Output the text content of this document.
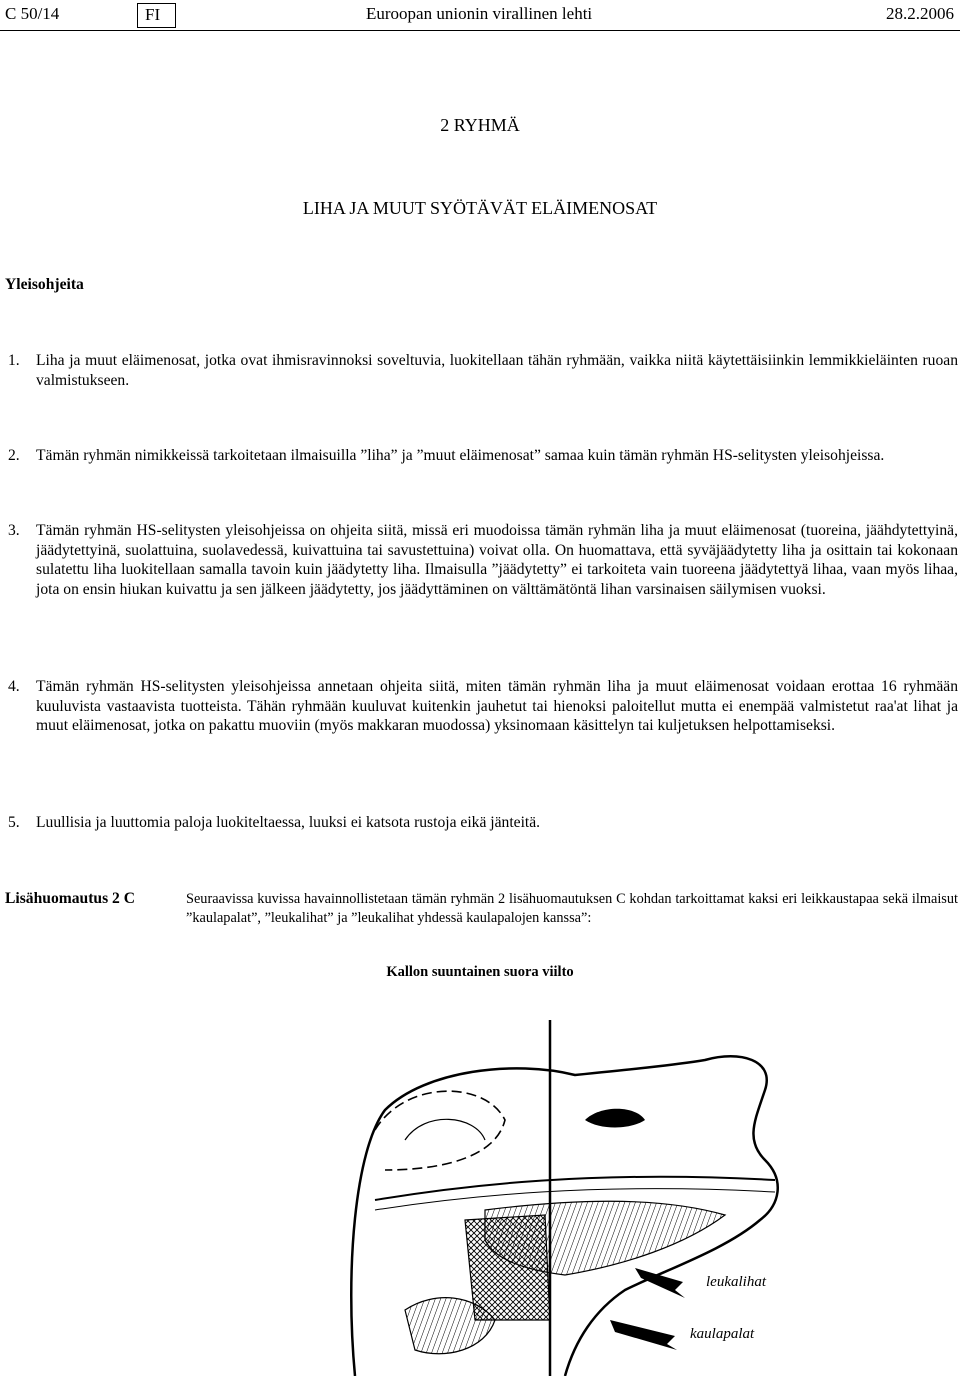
C 50/14	FI	Euroopan unionin virallinen lehti	28.2.2006
2 RYHMÄ
LIHA JA MUUT SYÖTÄVÄT ELÄIMENOSAT
Yleisohjeita
1. Liha ja muut eläimenosat, jotka ovat ihmisravinnoksi soveltuvia, luokitellaan tähän ryhmään, vaikka niitä käytettäisiinkin lemmikkieläinten ruoan valmistukseen.
2. Tämän ryhmän nimikkeissä tarkoitetaan ilmaisuilla ”liha” ja ”muut eläimenosat” samaa kuin tämän ryhmän HS-selitysten yleisohjeissa.
3. Tämän ryhmän HS-selitysten yleisohjeissa on ohjeita siitä, missä eri muodoissa tämän ryhmän liha ja muut eläimenosat (tuoreina, jäähdytettyinä, jäädytettyinä, suolattuina, suolavedessä, kuivattuina tai savustettuina) voivat olla. On huomattava, että syväjäädytetty liha ja osittain tai kokonaan sulatettu liha luokitellaan samalla tavoin kuin jäädytetty liha. Ilmaisulla ”jäädytetty” ei tarkoiteta vain tuoreena jäädytettyä lihaa, vaan myös lihaa, jota on ensin hiukan kuivattu ja sen jälkeen jäädytetty, jos jäädyttäminen on välttämätöntä lihan varsinaisen säilymisen vuoksi.
4. Tämän ryhmän HS-selitysten yleisohjeissa annetaan ohjeita siitä, miten tämän ryhmän liha ja muut eläimenosat voidaan erottaa 16 ryhmään kuuluvista vastaavista tuotteista. Tähän ryhmään kuuluvat kuitenkin jauhetut tai hienoksi paloitellut mutta ei enempää valmistetut raa'at lihat ja muut eläimenosat, jotka on pakattu muoviin (myös makkaran muodossa) yksinomaan käsittelyn tai kuljetuksen helpottamiseksi.
5. Luullisia ja luuttomia paloja luokiteltaessa, luuksi ei katsota rustoja eikä jänteitä.
Lisähuomautus 2 C	Seuraavissa kuvissa havainnollistetaan tämän ryhmän 2 lisähuomautuksen C kohdan tarkoittamat kaksi eri leikkaustapaa sekä ilmaisut ”kaulapalat”, ”leukalihat” ja ”leukalihat yhdessä kaulapalojen kanssa”:
Kallon suuntainen suora viilto
leukalihat
kaulapalat
